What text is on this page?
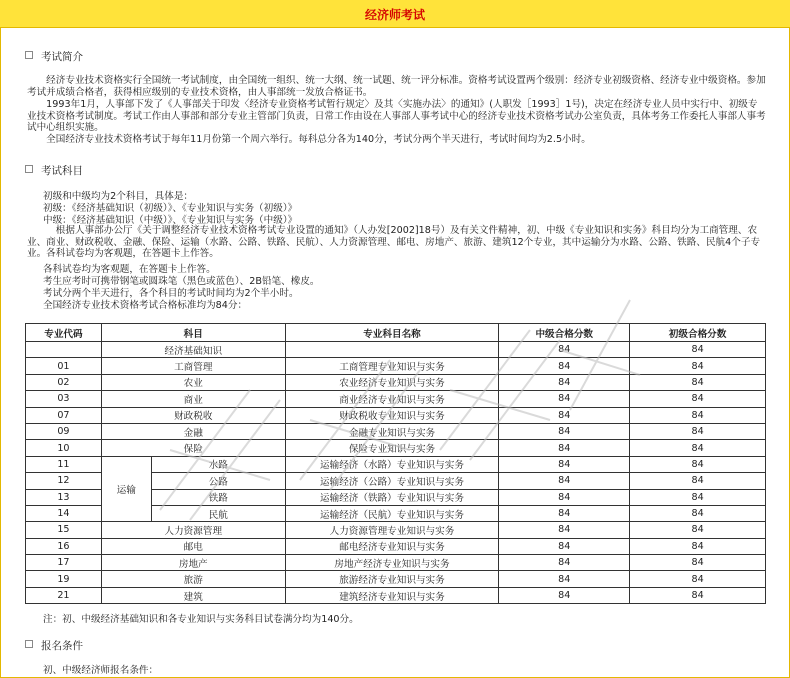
经济师考试
考试简介

　　经济专业技术资格实行全国统一考试制度，由全国统一组织、统一大纲、统一试题、统一评分标准。资格考试设置两个级别：经济专业初级资格、经济专业中级资格。参加考试并成绩合格者，获得相应级别的专业技术资格，由人事部统一发放合格证书。

　　1993年1月，人事部下发了《人事部关于印发〈经济专业资格考试暂行规定〉及其〈实施办法〉的通知》(人职发［1993］1号)，决定在经济专业人员中实行中、初级专业技术资格考试制度。考试工作由人事部和部分专业主管部门负责，日常工作由设在人事部人事考试中心的经济专业技术资格考试办公室负责，具体考务工作委托人事部人事考试中心组织实施。

　　全国经济专业技术资格考试于每年11月份第一个周六举行。每科总分各为140分，考试分两个半天进行，考试时间均为2.5小时。

考试科目
初级和中级均为2个科目，具体是：
初级：《经济基础知识（初级）》、《专业知识与实务（初级）》
中级：《经济基础知识（中级）》、《专业知识与实务（中级）》

　　　根据人事部办公厅《关于调整经济专业技术资格考试专业设置的通知》（人办发[2002]18号）及有关文件精神，初、中级《专业知识和实务》科目均分为工商管理、农业、商业、财政税收、金融、保险、运输（水路、公路、铁路、民航）、人力资源管理、邮电、房地产、旅游、建筑12个专业，其中运输分为水路、公路、铁路、民航4个子专业。各科试卷均为客观题，在答题卡上作答。

各科试卷均为客观题，在答题卡上作答。
考生应考时可携带钢笔或圆珠笔（黑色或蓝色）、2B铅笔、橡皮。
考试分两个半天进行，各个科目的考试时间均为2个半小时。
全国经济专业技术资格考试合格标准均为84分：
专业代码	科目		专业科目名称	中级合格分数	初级合格分数
	经济基础知识			84	84
01	工商管理		工商管理专业知识与实务	84	84
02	农业		农业经济专业知识与实务	84	84
03	商业		商业经济专业知识与实务	84	84
07	财政税收		财政税收专业知识与实务	84	84
09	金融		金融专业知识与实务	84	84
10	保险		保险专业知识与实务	84	84
11	运输	水路	运输经济（水路）专业知识与实务	84	84
12		公路	运输经济（公路）专业知识与实务	84	84
13		铁路	运输经济（铁路）专业知识与实务	84	84
14		民航	运输经济（民航）专业知识与实务	84	84
15	人力资源管理		人力资源管理专业知识与实务	84	84
16	邮电		邮电经济专业知识与实务	84	84
17	房地产		房地产经济专业知识与实务	84	84
19	旅游		旅游经济专业知识与实务	84	84
21	建筑		建筑经济专业知识与实务	84	84
注：初、中级经济基础知识和各专业知识与实务科目试卷满分均为140分。
报名条件
初、中级经济师报名条件：
